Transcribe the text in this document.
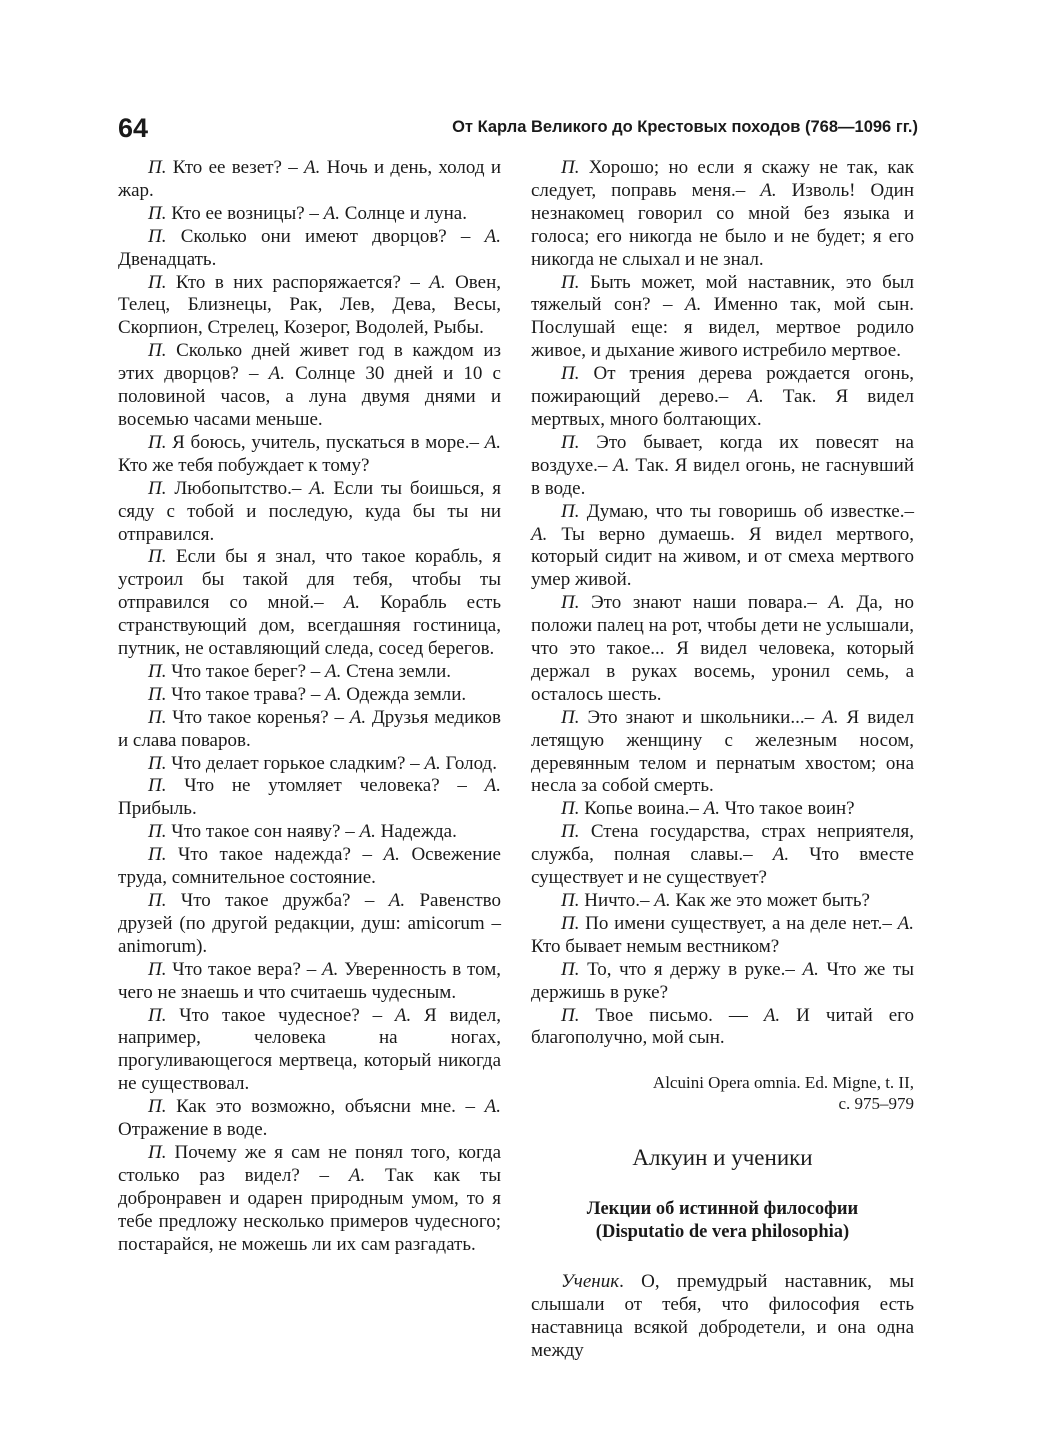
64	От Карла Великого до Крестовых походов (768—1096 гг.)

П. Кто ее везет? – А. Ночь и день, холод и жар.

П. Кто ее возницы? – А. Солнце и луна.

П. Сколько они имеют дворцов? – А. Двенадцать.

П. Кто в них распоряжается? – А. Овен, Телец, Близнецы, Рак, Лев, Дева, Весы, Скорпион, Стрелец, Козерог, Водолей, Рыбы.

П. Сколько дней живет год в каждом из этих дворцов? – А. Солнце 30 дней и 10 с половиной часов, а луна двумя днями и восемью часами меньше.

П. Я боюсь, учитель, пускаться в море.– А. Кто же тебя побуждает к тому?

П. Любопытство.– А. Если ты боишься, я сяду с тобой и последую, куда бы ты ни отправился.

П. Если бы я знал, что такое корабль, я устроил бы такой для тебя, чтобы ты отправился со мной.– А. Корабль есть странствующий дом, всегдашняя гостиница, путник, не оставляющий следа, сосед берегов.

П. Что такое берег? – А. Стена земли.

П. Что такое трава? – А. Одежда земли.

П. Что такое коренья? – А. Друзья медиков и слава поваров.

П. Что делает горькое сладким? – А. Голод.

П. Что не утомляет человека? – А. Прибыль.

П. Что такое сон наяву? – А. Надежда.

П. Что такое надежда? – А. Освежение труда, сомнительное состояние.

П. Что такое дружба? – А. Равенство друзей (по другой редакции, душ: amicorum – animorum).

П. Что такое вера? – А. Уверенность в том, чего не знаешь и что считаешь чудесным.

П. Что такое чудесное? – А. Я видел, например, человека на ногах, прогуливающегося мертвеца, который никогда не существовал.

П. Как это возможно, объясни мне. – А. Отражение в воде.

П. Почему же я сам не понял того, когда столько раз видел? – А. Так как ты добронравен и одарен природным умом, то я тебе предложу несколько примеров чудесного; постарайся, не можешь ли их сам разгадать.

П. Хорошо; но если я скажу не так, как следует, поправь меня.– А. Изволь! Один незнакомец говорил со мной без языка и голоса; его никогда не было и не будет; я его никогда не слыхал и не знал.

П. Быть может, мой наставник, это был тяжелый сон? – А. Именно так, мой сын. Послушай еще: я видел, мертвое родило живое, и дыхание живого истребило мертвое.

П. От трения дерева рождается огонь, пожирающий дерево.– А. Так. Я видел мертвых, много болтающих.

П. Это бывает, когда их повесят на воздухе.– А. Так. Я видел огонь, не гаснувший в воде.

П. Думаю, что ты говоришь об известке.– А. Ты верно думаешь. Я видел мертвого, который сидит на живом, и от смеха мертвого умер живой.

П. Это знают наши повара.– А. Да, но положи палец на рот, чтобы дети не услышали, что это такое... Я видел человека, который держал в руках восемь, уронил семь, а осталось шесть.

П. Это знают и школьники...– А. Я видел летящую женщину с железным носом, деревянным телом и пернатым хвостом; она несла за собой смерть.

П. Копье воина.– А. Что такое воин?

П. Стена государства, страх неприятеля, служба, полная славы.– А. Что вместе существует и не существует?

П. Ничто.– А. Как же это может быть?

П. По имени существует, а на деле нет.– А. Кто бывает немым вестником?

П. То, что я держу в руке.– А. Что же ты держишь в руке?

П. Твое письмо. — А. И читай его благополучно, мой сын.

Alcuini Opera omnia. Ed. Migne, t. II,
с. 975–979
Алкуин и ученики
Лекции об истинной философии
(Disputatio de vera philosophia)

Ученик. О, премудрый наставник, мы слышали от тебя, что философия есть наставница всякой добродетели, и она одна между
